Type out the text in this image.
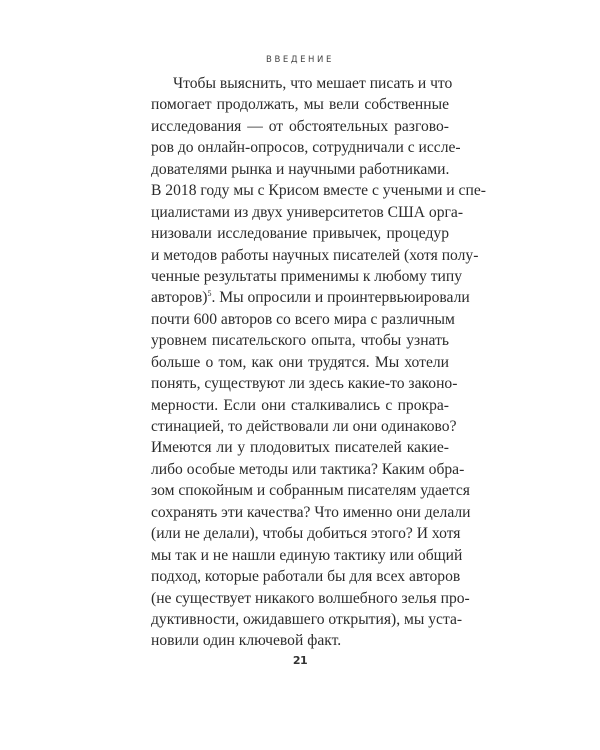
ВВЕДЕНИЕ
Чтобы выяснить, что мешает писать и что
помогает продолжать, мы вели собственные
исследования — от обстоятельных разгово-
ров до онлайн-опросов, сотрудничали с иссле-
дователями рынка и научными работниками.
В 2018 году мы с Крисом вместе с учеными и спе-
циалистами из двух университетов США орга-
низовали исследование привычек, процедур
и методов работы научных писателей (хотя полу-
ченные результаты применимы к любому типу
авторов)$^5$. Мы опросили и проинтервьюировали
почти 600 авторов со всего мира с различным
уровнем писательского опыта, чтобы узнать
больше о том, как они трудятся. Мы хотели
понять, существуют ли здесь какие-то законо-
мерности. Если они сталкивались с прокра-
стинацией, то действовали ли они одинаково?
Имеются ли у плодовитых писателей какие-
либо особые методы или тактика? Каким обра-
зом спокойным и собранным писателям удается
сохранять эти качества? Что именно они делали
(или не делали), чтобы добиться этого? И хотя
мы так и не нашли единую тактику или общий
подход, которые работали бы для всех авторов
(не существует никакого волшебного зелья про-
дуктивности, ожидавшего открытия), мы уста-
новили один ключевой факт.
21
